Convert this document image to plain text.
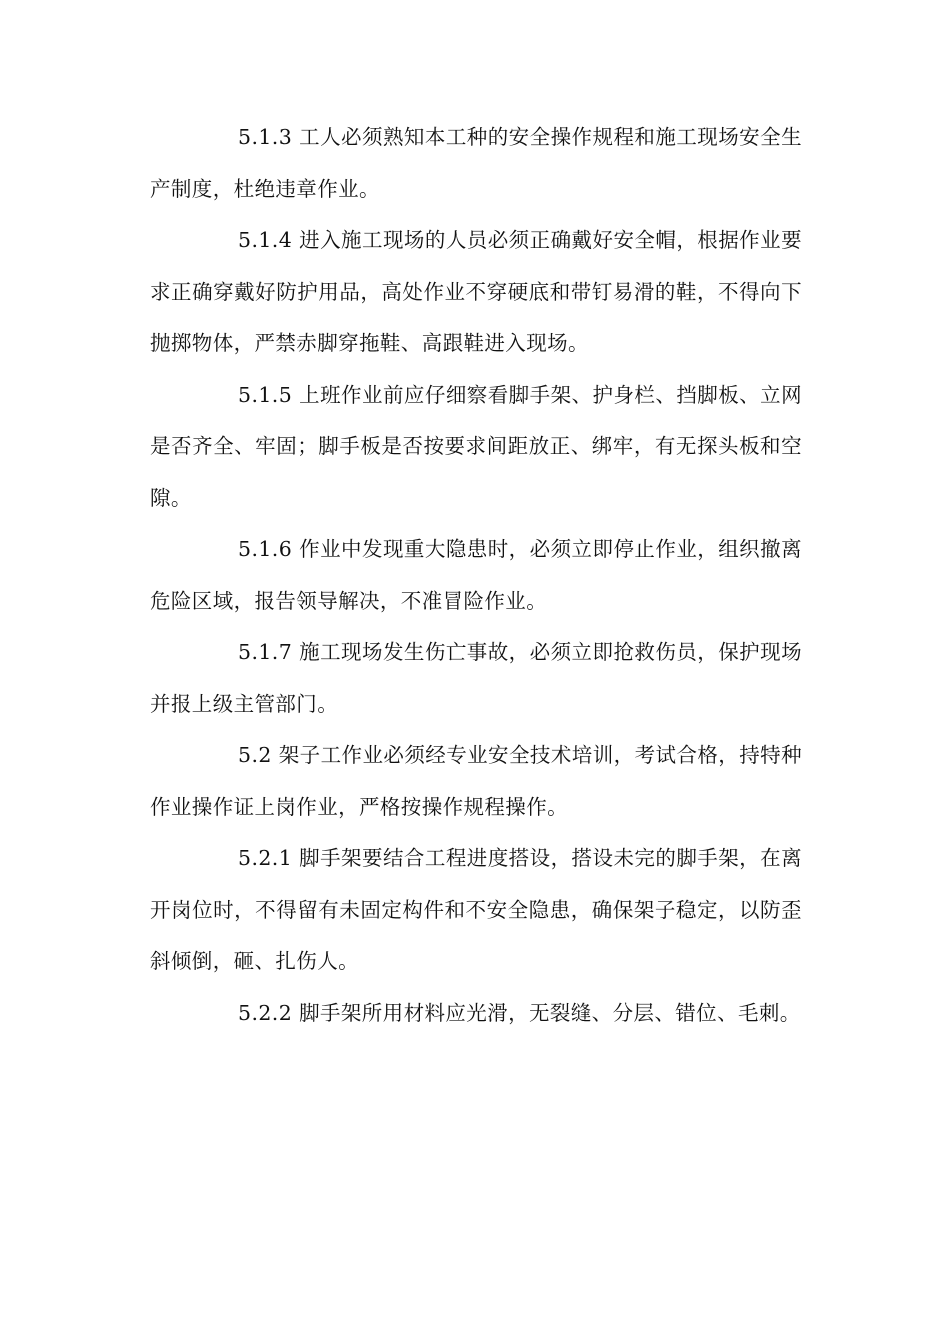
5.1.3 工人必须熟知本工种的安全操作规程和施工现场安全生产制度，杜绝违章作业。

5.1.4 进入施工现场的人员必须正确戴好安全帽，根据作业要求正确穿戴好防护用品，高处作业不穿硬底和带钉易滑的鞋，不得向下抛掷物体，严禁赤脚穿拖鞋、高跟鞋进入现场。

5.1.5 上班作业前应仔细察看脚手架、护身栏、挡脚板、立网是否齐全、牢固；脚手板是否按要求间距放正、绑牢，有无探头板和空隙。

5.1.6 作业中发现重大隐患时，必须立即停止作业，组织撤离危险区域，报告领导解决，不准冒险作业。

5.1.7 施工现场发生伤亡事故，必须立即抢救伤员，保护现场并报上级主管部门。

5.2 架子工作业必须经专业安全技术培训，考试合格，持特种作业操作证上岗作业，严格按操作规程操作。

5.2.1 脚手架要结合工程进度搭设，搭设未完的脚手架，在离开岗位时，不得留有未固定构件和不安全隐患，确保架子稳定，以防歪斜倾倒，砸、扎伤人。

5.2.2 脚手架所用材料应光滑，无裂缝、分层、错位、毛刺。
